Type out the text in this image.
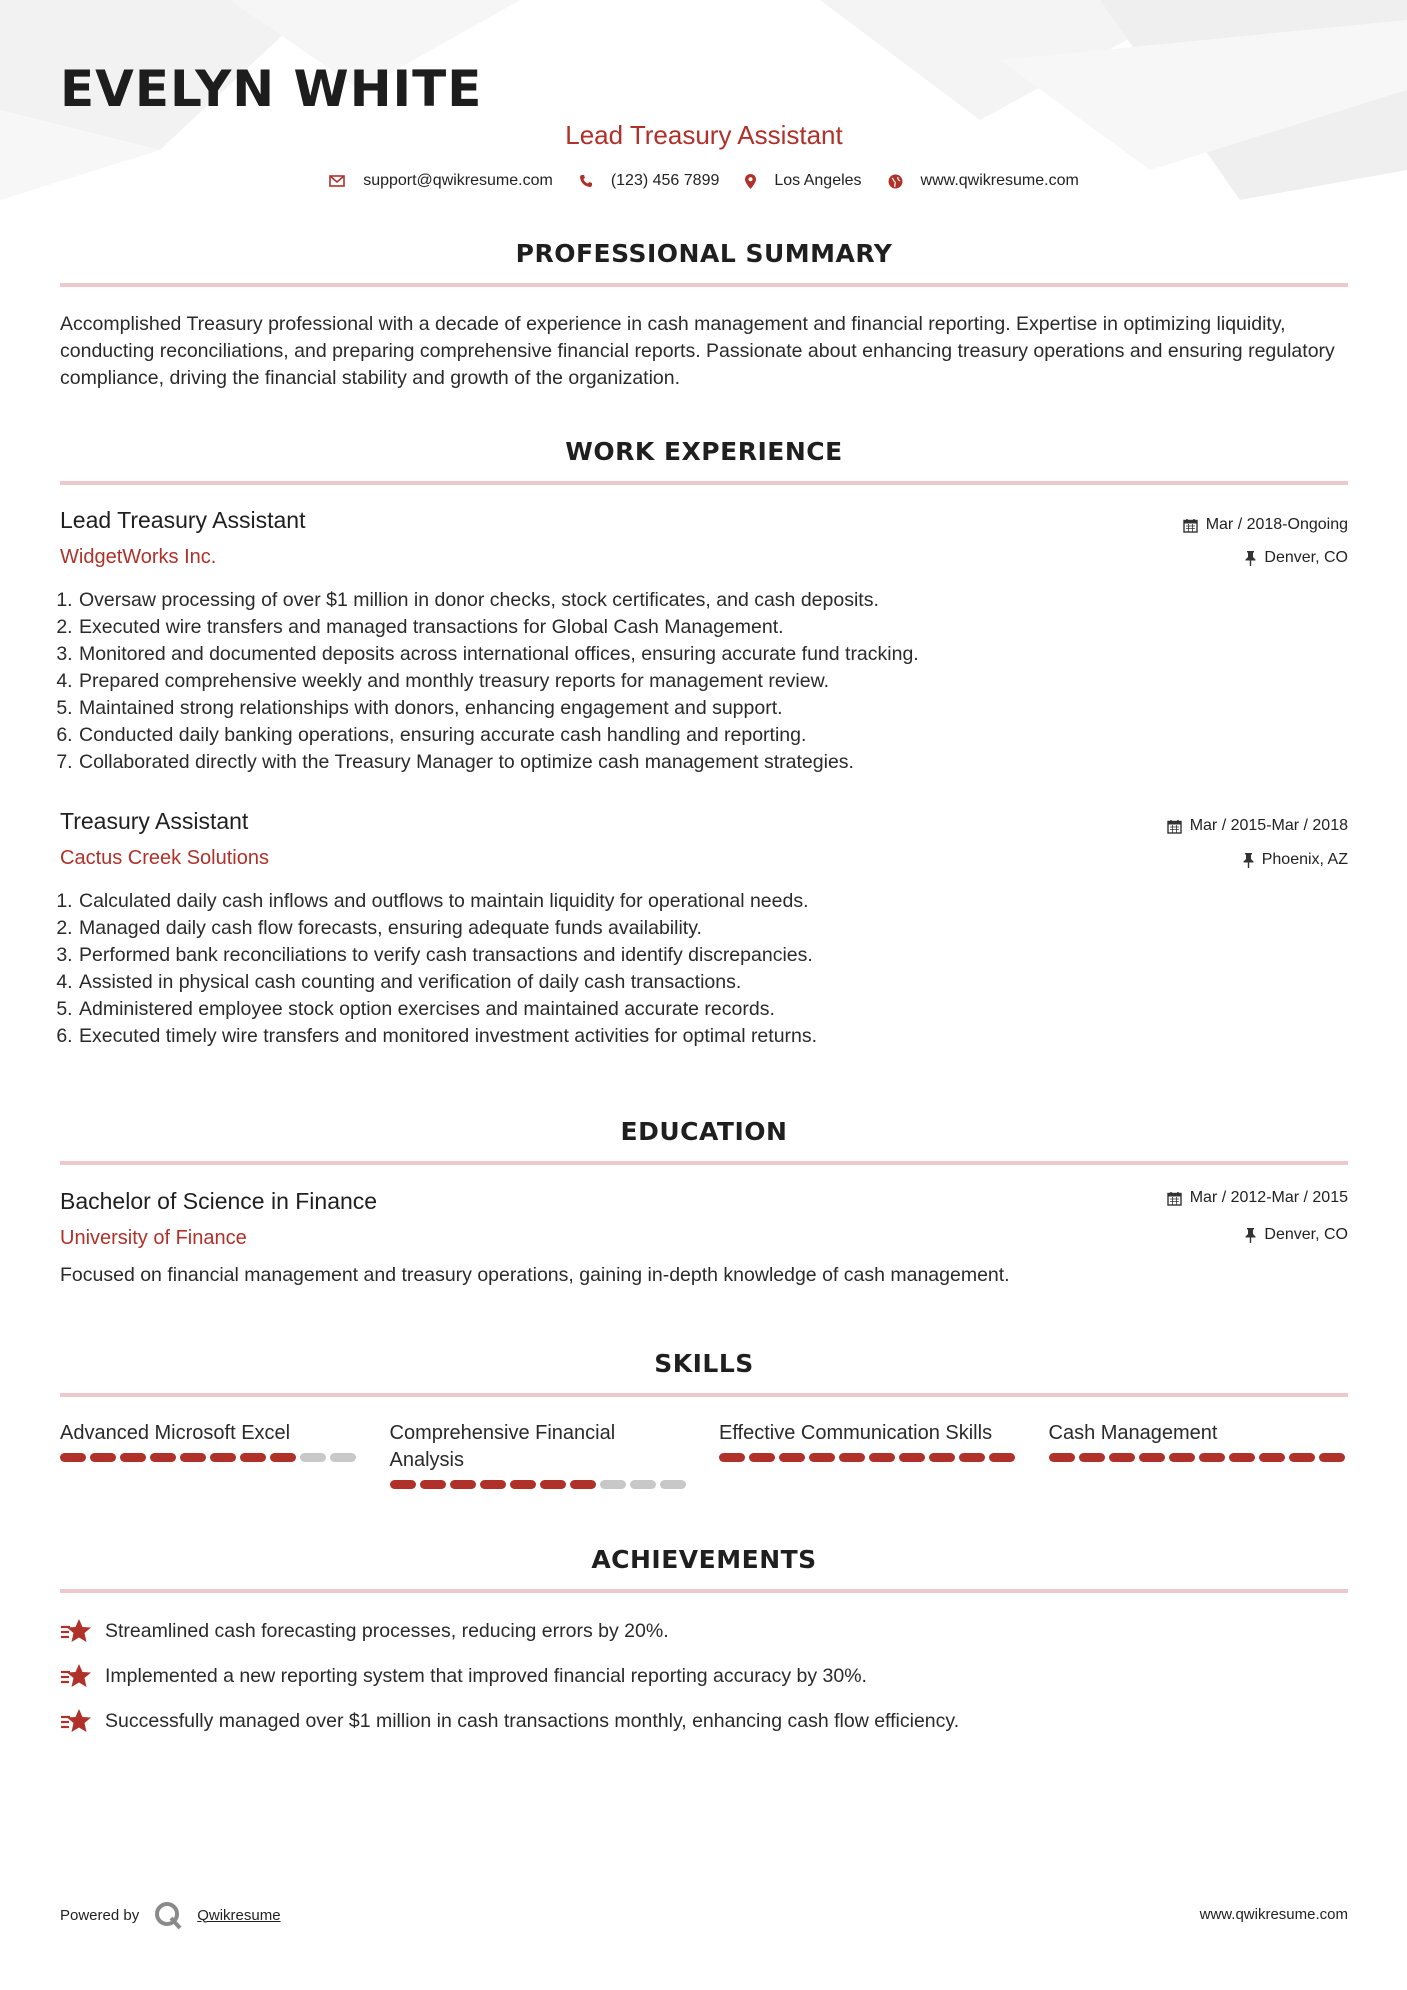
EVELYN WHITE
Lead Treasury Assistant
support@qwikresume.com	(123) 456 7899	Los Angeles	www.qwikresume.com
PROFESSIONAL SUMMARY
Accomplished Treasury professional with a decade of experience in cash management and financial reporting. Expertise in optimizing liquidity, conducting reconciliations, and preparing comprehensive financial reports. Passionate about enhancing treasury operations and ensuring regulatory compliance, driving the financial stability and growth of the organization.
WORK EXPERIENCE
Lead Treasury Assistant
WidgetWorks Inc.
Mar / 2018-Ongoing
Denver, CO
1. Oversaw processing of over $1 million in donor checks, stock certificates, and cash deposits.
2. Executed wire transfers and managed transactions for Global Cash Management.
3. Monitored and documented deposits across international offices, ensuring accurate fund tracking.
4. Prepared comprehensive weekly and monthly treasury reports for management review.
5. Maintained strong relationships with donors, enhancing engagement and support.
6. Conducted daily banking operations, ensuring accurate cash handling and reporting.
7. Collaborated directly with the Treasury Manager to optimize cash management strategies.
Treasury Assistant
Cactus Creek Solutions
Mar / 2015-Mar / 2018
Phoenix, AZ
1. Calculated daily cash inflows and outflows to maintain liquidity for operational needs.
2. Managed daily cash flow forecasts, ensuring adequate funds availability.
3. Performed bank reconciliations to verify cash transactions and identify discrepancies.
4. Assisted in physical cash counting and verification of daily cash transactions.
5. Administered employee stock option exercises and maintained accurate records.
6. Executed timely wire transfers and monitored investment activities for optimal returns.
EDUCATION
Bachelor of Science in Finance
University of Finance
Mar / 2012-Mar / 2015
Denver, CO
Focused on financial management and treasury operations, gaining in-depth knowledge of cash management.
SKILLS
Advanced Microsoft Excel	Comprehensive Financial Analysis
Effective Communication Skills	Cash Management
ACHIEVEMENTS
Streamlined cash forecasting processes, reducing errors by 20%.
Implemented a new reporting system that improved financial reporting accuracy by 30%.
Successfully managed over $1 million in cash transactions monthly, enhancing cash flow efficiency.
Powered by	Qwikresume	www.qwikresume.com
